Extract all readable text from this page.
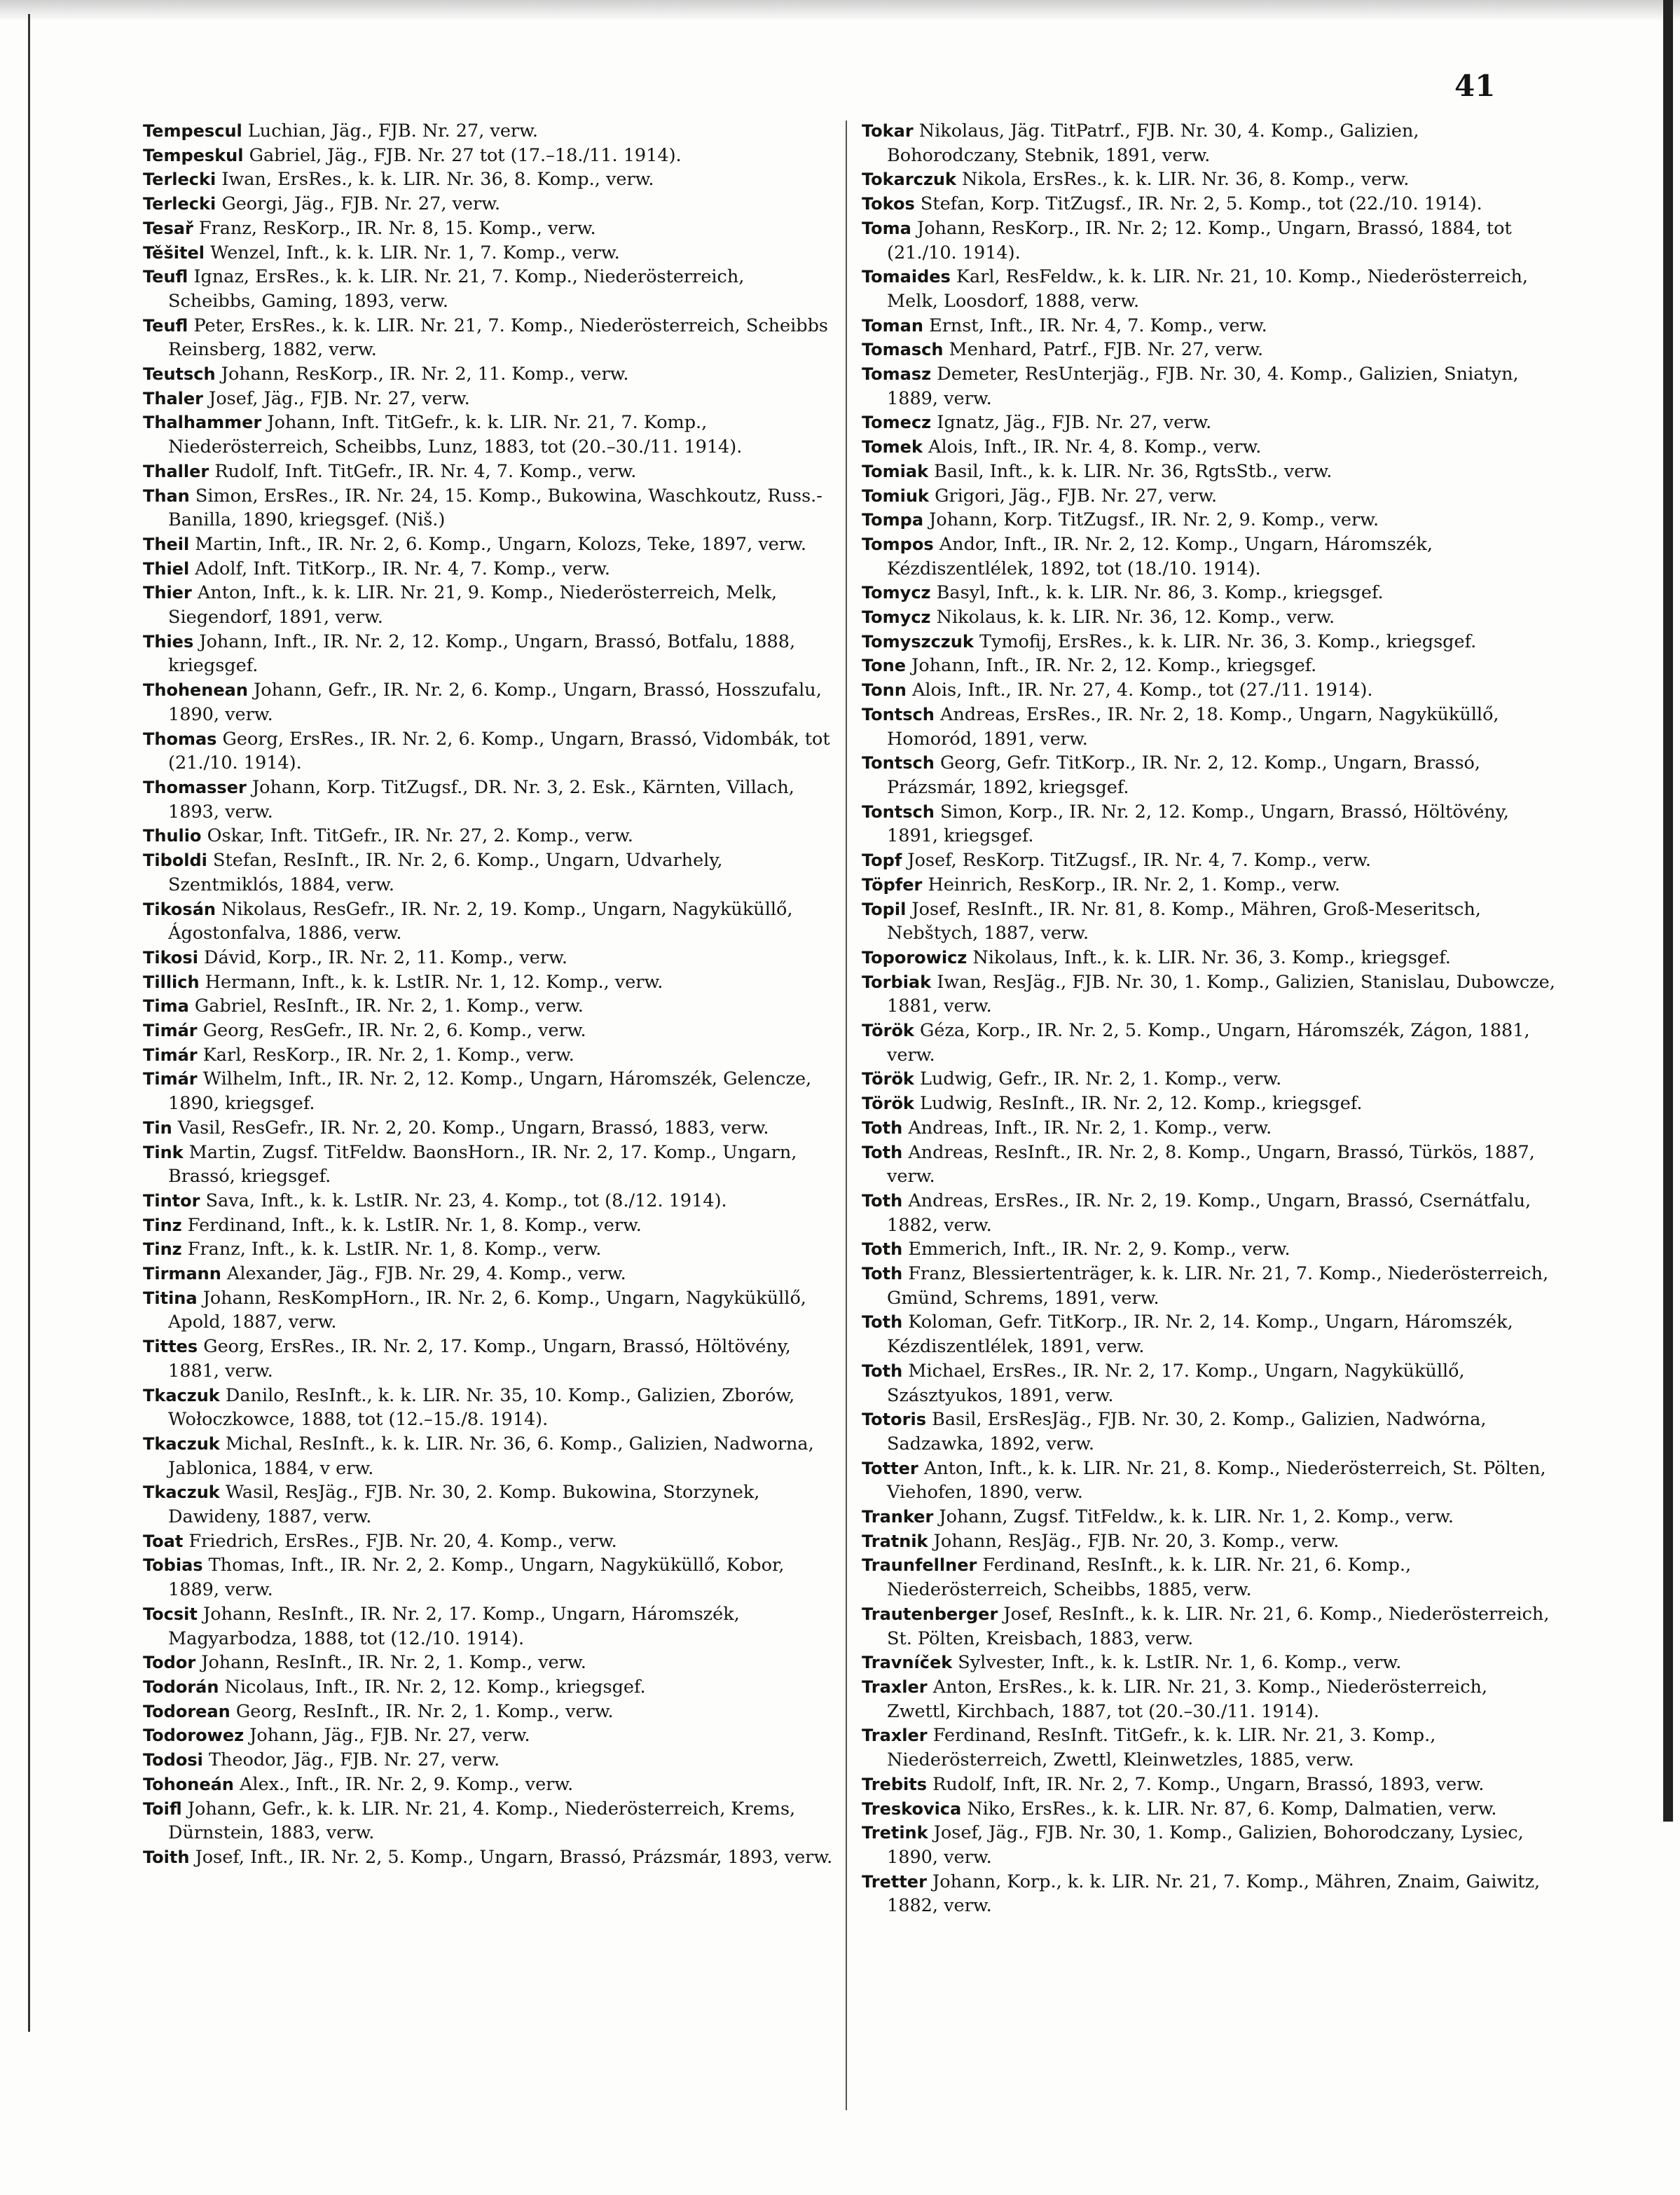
41

Tempescul Luchian, Jäg., FJB. Nr. 27, verw.

Tempeskul Gabriel, Jäg., FJB. Nr. 27 tot (17.–18./11. 1914).

Terlecki Iwan, ErsRes., k. k. LIR. Nr. 36, 8. Komp., verw.

Terlecki Georgi, Jäg., FJB. Nr. 27, verw.

Tesař Franz, ResKorp., IR. Nr. 8, 15. Komp., verw.

Těšitel Wenzel, Inft., k. k. LIR. Nr. 1, 7. Komp., verw.

Teufl Ignaz, ErsRes., k. k. LIR. Nr. 21, 7. Komp., Niederösterreich, Scheibbs, Gaming, 1893, verw.

Teufl Peter, ErsRes., k. k. LIR. Nr. 21, 7. Komp., Niederösterreich, Scheibbs Reinsberg, 1882, verw.

Teutsch Johann, ResKorp., IR. Nr. 2, 11. Komp., verw.

Thaler Josef, Jäg., FJB. Nr. 27, verw.

Thalhammer Johann, Inft. TitGefr., k. k. LIR. Nr. 21, 7. Komp., Niederösterreich, Scheibbs, Lunz, 1883, tot (20.–30./11. 1914).

Thaller Rudolf, Inft. TitGefr., IR. Nr. 4, 7. Komp., verw.

Than Simon, ErsRes., IR. Nr. 24, 15. Komp., Bukowina, Waschkoutz, Russ.-Banilla, 1890, kriegsgef. (Niš.)

Theil Martin, Inft., IR. Nr. 2, 6. Komp., Ungarn, Kolozs, Teke, 1897, verw.

Thiel Adolf, Inft. TitKorp., IR. Nr. 4, 7. Komp., verw.

Thier Anton, Inft., k. k. LIR. Nr. 21, 9. Komp., Niederösterreich, Melk, Siegendorf, 1891, verw.

Thies Johann, Inft., IR. Nr. 2, 12. Komp., Ungarn, Brassó, Botfalu, 1888, kriegsgef.

Thohenean Johann, Gefr., IR. Nr. 2, 6. Komp., Ungarn, Brassó, Hosszufalu, 1890, verw.

Thomas Georg, ErsRes., IR. Nr. 2, 6. Komp., Ungarn, Brassó, Vidombák, tot (21./10. 1914).

Thomasser Johann, Korp. TitZugsf., DR. Nr. 3, 2. Esk., Kärnten, Villach, 1893, verw.

Thulio Oskar, Inft. TitGefr., IR. Nr. 27, 2. Komp., verw.

Tiboldi Stefan, ResInft., IR. Nr. 2, 6. Komp., Ungarn, Udvarhely, Szentmiklós, 1884, verw.

Tikosán Nikolaus, ResGefr., IR. Nr. 2, 19. Komp., Ungarn, Nagyküküllő, Ágostonfalva, 1886, verw.

Tikosi Dávid, Korp., IR. Nr. 2, 11. Komp., verw.

Tillich Hermann, Inft., k. k. LstIR. Nr. 1, 12. Komp., verw.

Tima Gabriel, ResInft., IR. Nr. 2, 1. Komp., verw.

Timár Georg, ResGefr., IR. Nr. 2, 6. Komp., verw.

Timár Karl, ResKorp., IR. Nr. 2, 1. Komp., verw.

Timár Wilhelm, Inft., IR. Nr. 2, 12. Komp., Ungarn, Háromszék, Gelencze, 1890, kriegsgef.

Tin Vasil, ResGefr., IR. Nr. 2, 20. Komp., Ungarn, Brassó, 1883, verw.

Tink Martin, Zugsf. TitFeldw. BaonsHorn., IR. Nr. 2, 17. Komp., Ungarn, Brassó, kriegsgef.

Tintor Sava, Inft., k. k. LstIR. Nr. 23, 4. Komp., tot (8./12. 1914).

Tinz Ferdinand, Inft., k. k. LstIR. Nr. 1, 8. Komp., verw.

Tinz Franz, Inft., k. k. LstIR. Nr. 1, 8. Komp., verw.

Tirmann Alexander, Jäg., FJB. Nr. 29, 4. Komp., verw.

Titina Johann, ResKompHorn., IR. Nr. 2, 6. Komp., Ungarn, Nagyküküllő, Apold, 1887, verw.

Tittes Georg, ErsRes., IR. Nr. 2, 17. Komp., Ungarn, Brassó, Höltövény, 1881, verw.

Tkaczuk Danilo, ResInft., k. k. LIR. Nr. 35, 10. Komp., Galizien, Zborów, Wołoczkowce, 1888, tot (12.–15./8. 1914).

Tkaczuk Michal, ResInft., k. k. LIR. Nr. 36, 6. Komp., Galizien, Nadworna, Jablonica, 1884, v erw.

Tkaczuk Wasil, ResJäg., FJB. Nr. 30, 2. Komp. Bukowina, Storzynek, Dawideny, 1887, verw.

Toat Friedrich, ErsRes., FJB. Nr. 20, 4. Komp., verw.

Tobias Thomas, Inft., IR. Nr. 2, 2. Komp., Ungarn, Nagyküküllő, Kobor, 1889, verw.

Tocsit Johann, ResInft., IR. Nr. 2, 17. Komp., Ungarn, Háromszék, Magyarbodza, 1888, tot (12./10. 1914).

Todor Johann, ResInft., IR. Nr. 2, 1. Komp., verw.

Todorán Nicolaus, Inft., IR. Nr. 2, 12. Komp., kriegsgef.

Todorean Georg, ResInft., IR. Nr. 2, 1. Komp., verw.

Todorowez Johann, Jäg., FJB. Nr. 27, verw.

Todosi Theodor, Jäg., FJB. Nr. 27, verw.

Tohoneán Alex., Inft., IR. Nr. 2, 9. Komp., verw.

Toifl Johann, Gefr., k. k. LIR. Nr. 21, 4. Komp., Niederösterreich, Krems, Dürnstein, 1883, verw.

Toith Josef, Inft., IR. Nr. 2, 5. Komp., Ungarn, Brassó, Prázsmár, 1893, verw.

Tokar Nikolaus, Jäg. TitPatrf., FJB. Nr. 30, 4. Komp., Galizien, Bohorodczany, Stebnik, 1891, verw.

Tokarczuk Nikola, ErsRes., k. k. LIR. Nr. 36, 8. Komp., verw.

Tokos Stefan, Korp. TitZugsf., IR. Nr. 2, 5. Komp., tot (22./10. 1914).

Toma Johann, ResKorp., IR. Nr. 2; 12. Komp., Ungarn, Brassó, 1884, tot (21./10. 1914).

Tomaides Karl, ResFeldw., k. k. LIR. Nr. 21, 10. Komp., Niederösterreich, Melk, Loosdorf, 1888, verw.

Toman Ernst, Inft., IR. Nr. 4, 7. Komp., verw.

Tomasch Menhard, Patrf., FJB. Nr. 27, verw.

Tomasz Demeter, ResUnterjäg., FJB. Nr. 30, 4. Komp., Galizien, Sniatyn, 1889, verw.

Tomecz Ignatz, Jäg., FJB. Nr. 27, verw.

Tomek Alois, Inft., IR. Nr. 4, 8. Komp., verw.

Tomiak Basil, Inft., k. k. LIR. Nr. 36, RgtsStb., verw.

Tomiuk Grigori, Jäg., FJB. Nr. 27, verw.

Tompa Johann, Korp. TitZugsf., IR. Nr. 2, 9. Komp., verw.

Tompos Andor, Inft., IR. Nr. 2, 12. Komp., Ungarn, Háromszék, Kézdiszentlélek, 1892, tot (18./10. 1914).

Tomycz Basyl, Inft., k. k. LIR. Nr. 86, 3. Komp., kriegsgef.

Tomycz Nikolaus, k. k. LIR. Nr. 36, 12. Komp., verw.

Tomyszczuk Tymofij, ErsRes., k. k. LIR. Nr. 36, 3. Komp., kriegsgef.

Tone Johann, Inft., IR. Nr. 2, 12. Komp., kriegsgef.

Tonn Alois, Inft., IR. Nr. 27, 4. Komp., tot (27./11. 1914).

Tontsch Andreas, ErsRes., IR. Nr. 2, 18. Komp., Ungarn, Nagyküküllő, Homoród, 1891, verw.

Tontsch Georg, Gefr. TitKorp., IR. Nr. 2, 12. Komp., Ungarn, Brassó, Prázsmár, 1892, kriegsgef.

Tontsch Simon, Korp., IR. Nr. 2, 12. Komp., Ungarn, Brassó, Höltövény, 1891, kriegsgef.

Topf Josef, ResKorp. TitZugsf., IR. Nr. 4, 7. Komp., verw.

Töpfer Heinrich, ResKorp., IR. Nr. 2, 1. Komp., verw.

Topil Josef, ResInft., IR. Nr. 81, 8. Komp., Mähren, Groß-Meseritsch, Nebštych, 1887, verw.

Toporowicz Nikolaus, Inft., k. k. LIR. Nr. 36, 3. Komp., kriegsgef.

Torbiak Iwan, ResJäg., FJB. Nr. 30, 1. Komp., Galizien, Stanislau, Dubowcze, 1881, verw.

Török Géza, Korp., IR. Nr. 2, 5. Komp., Ungarn, Háromszék, Zágon, 1881, verw.

Török Ludwig, Gefr., IR. Nr. 2, 1. Komp., verw.

Török Ludwig, ResInft., IR. Nr. 2, 12. Komp., kriegsgef.

Toth Andreas, Inft., IR. Nr. 2, 1. Komp., verw.

Toth Andreas, ResInft., IR. Nr. 2, 8. Komp., Ungarn, Brassó, Türkös, 1887, verw.

Toth Andreas, ErsRes., IR. Nr. 2, 19. Komp., Ungarn, Brassó, Csernátfalu, 1882, verw.

Toth Emmerich, Inft., IR. Nr. 2, 9. Komp., verw.

Toth Franz, Blessiertenträger, k. k. LIR. Nr. 21, 7. Komp., Niederösterreich, Gmünd, Schrems, 1891, verw.

Toth Koloman, Gefr. TitKorp., IR. Nr. 2, 14. Komp., Ungarn, Háromszék, Kézdiszentlélek, 1891, verw.

Toth Michael, ErsRes., IR. Nr. 2, 17. Komp., Ungarn, Nagyküküllő, Szásztyukos, 1891, verw.

Totoris Basil, ErsResJäg., FJB. Nr. 30, 2. Komp., Galizien, Nadwórna, Sadzawka, 1892, verw.

Totter Anton, Inft., k. k. LIR. Nr. 21, 8. Komp., Niederösterreich, St. Pölten, Viehofen, 1890, verw.

Tranker Johann, Zugsf. TitFeldw., k. k. LIR. Nr. 1, 2. Komp., verw.

Tratnik Johann, ResJäg., FJB. Nr. 20, 3. Komp., verw.

Traunfellner Ferdinand, ResInft., k. k. LIR. Nr. 21, 6. Komp., Niederösterreich, Scheibbs, 1885, verw.

Trautenberger Josef, ResInft., k. k. LIR. Nr. 21, 6. Komp., Niederösterreich, St. Pölten, Kreisbach, 1883, verw.

Travníček Sylvester, Inft., k. k. LstIR. Nr. 1, 6. Komp., verw.

Traxler Anton, ErsRes., k. k. LIR. Nr. 21, 3. Komp., Niederösterreich, Zwettl, Kirchbach, 1887, tot (20.–30./11. 1914).

Traxler Ferdinand, ResInft. TitGefr., k. k. LIR. Nr. 21, 3. Komp., Niederösterreich, Zwettl, Kleinwetzles, 1885, verw.

Trebits Rudolf, Inft, IR. Nr. 2, 7. Komp., Ungarn, Brassó, 1893, verw.

Treskovica Niko, ErsRes., k. k. LIR. Nr. 87, 6. Komp, Dalmatien, verw.

Tretink Josef, Jäg., FJB. Nr. 30, 1. Komp., Galizien, Bohorodczany, Lysiec, 1890, verw.

Tretter Johann, Korp., k. k. LIR. Nr. 21, 7. Komp., Mähren, Znaim, Gaiwitz, 1882, verw.
